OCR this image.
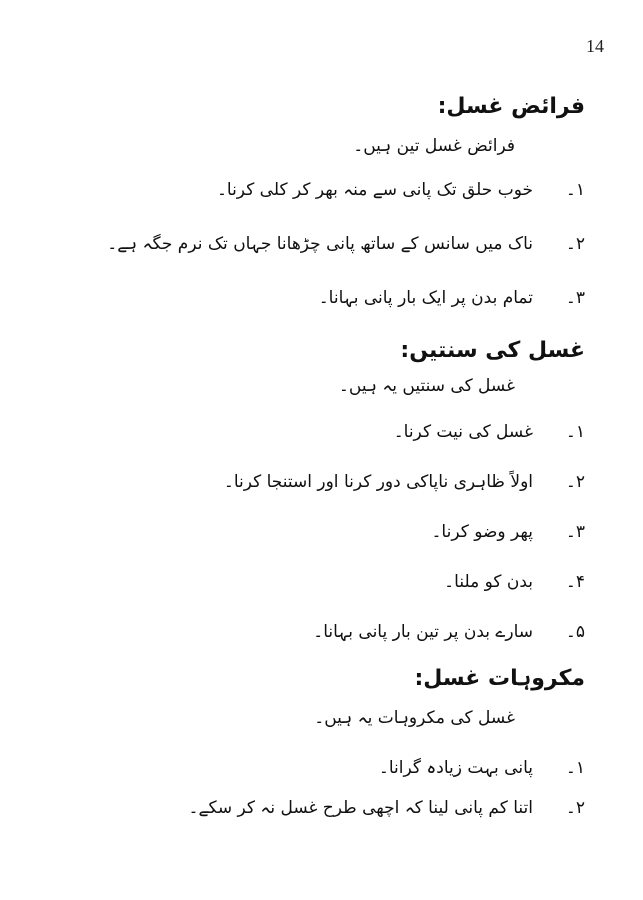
14
فرائض غسل:
فرائض غسل تین ہیں۔
۱۔
خوب حلق تک پانی سے منہ بھر کر کلی کرنا۔
۲۔
ناک میں سانس کے ساتھ پانی چڑھانا جہاں تک نرم جگہ ہے۔
۳۔
تمام بدن پر ایک بار پانی بہانا۔
غسل کی سنتیں:
غسل کی سنتیں یہ ہیں۔
۱۔
غسل کی نیت کرنا۔
۲۔
اولاً ظاہری ناپاکی دور کرنا اور استنجا کرنا۔
۳۔
پھر وضو کرنا۔
۴۔
بدن کو ملنا۔
۵۔
سارے بدن پر تین بار پانی بہانا۔
مکروہات غسل:
غسل کی مکروہات یہ ہیں۔
۱۔
پانی بہت زیادہ گرانا۔
۲۔
اتنا کم پانی لینا کہ اچھی طرح غسل نہ کر سکے۔
